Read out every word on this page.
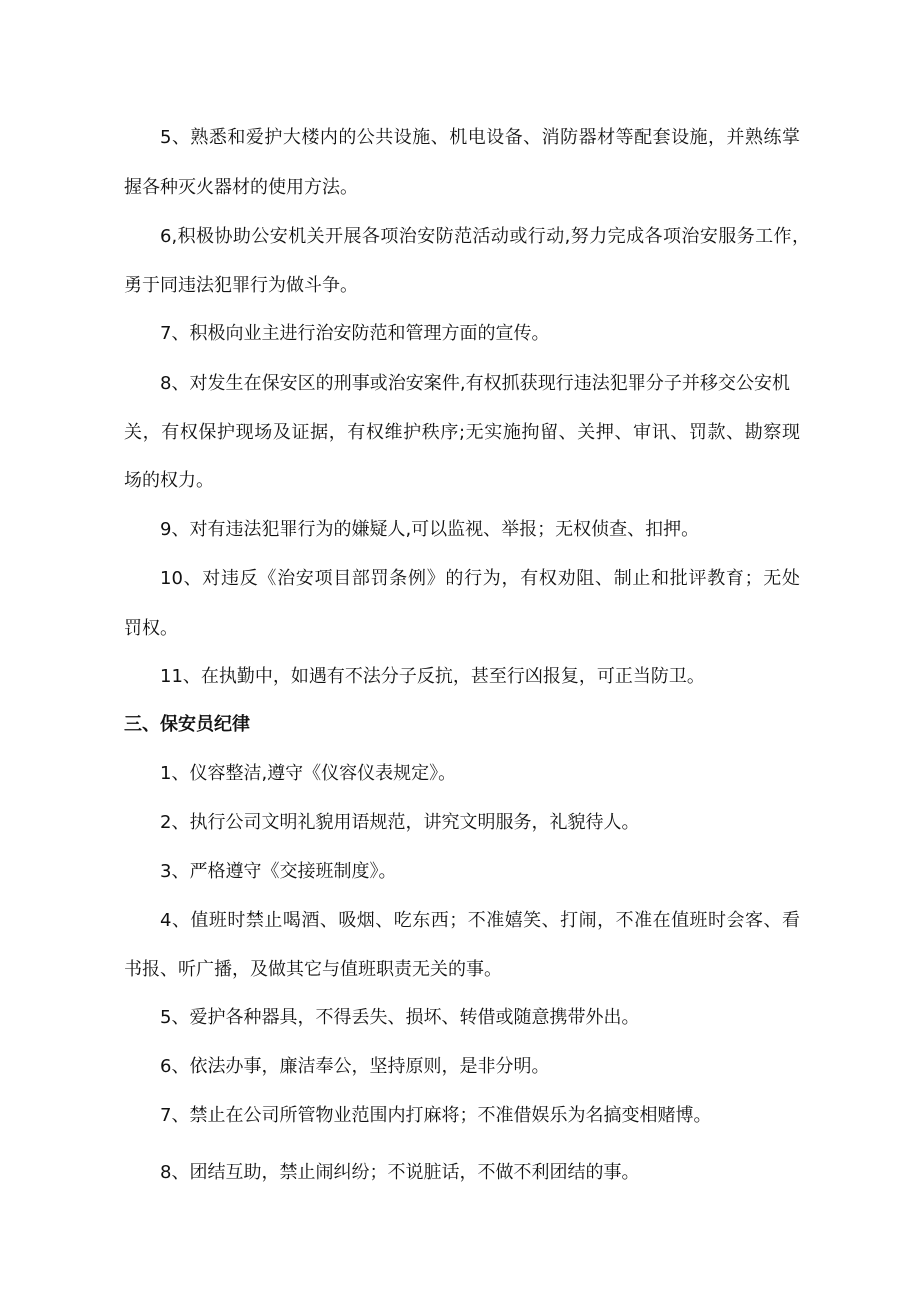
5、熟悉和爱护大楼内的公共设施、机电设备、消防器材等配套设施，并熟练掌
握各种灭火器材的使用方法。
6,积极协助公安机关开展各项治安防范活动或行动,努力完成各项治安服务工作，
勇于同违法犯罪行为做斗争。
7、积极向业主进行治安防范和管理方面的宣传。
8、对发生在保安区的刑事或治安案件,有权抓获现行违法犯罪分子并移交公安机
关，有权保护现场及证据，有权维护秩序;无实施拘留、关押、审讯、罚款、勘察现
场的权力。
9、对有违法犯罪行为的嫌疑人,可以监视、举报；无权侦查、扣押。
10、对违反《治安项目部罚条例》的行为，有权劝阻、制止和批评教育；无处
罚权。
11、在执勤中，如遇有不法分子反抗，甚至行凶报复，可正当防卫。
三、保安员纪律
1、仪容整洁,遵守《仪容仪表规定》。
2、执行公司文明礼貌用语规范，讲究文明服务，礼貌待人。
3、严格遵守《交接班制度》。
4、值班时禁止喝酒、吸烟、吃东西；不准嬉笑、打闹，不准在值班时会客、看
书报、听广播，及做其它与值班职责无关的事。
5、爱护各种器具，不得丢失、损坏、转借或随意携带外出。
6、依法办事，廉洁奉公，坚持原则，是非分明。
7、禁止在公司所管物业范围内打麻将；不准借娱乐为名搞变相赌博。
8、团结互助，禁止闹纠纷；不说脏话，不做不利团结的事。
